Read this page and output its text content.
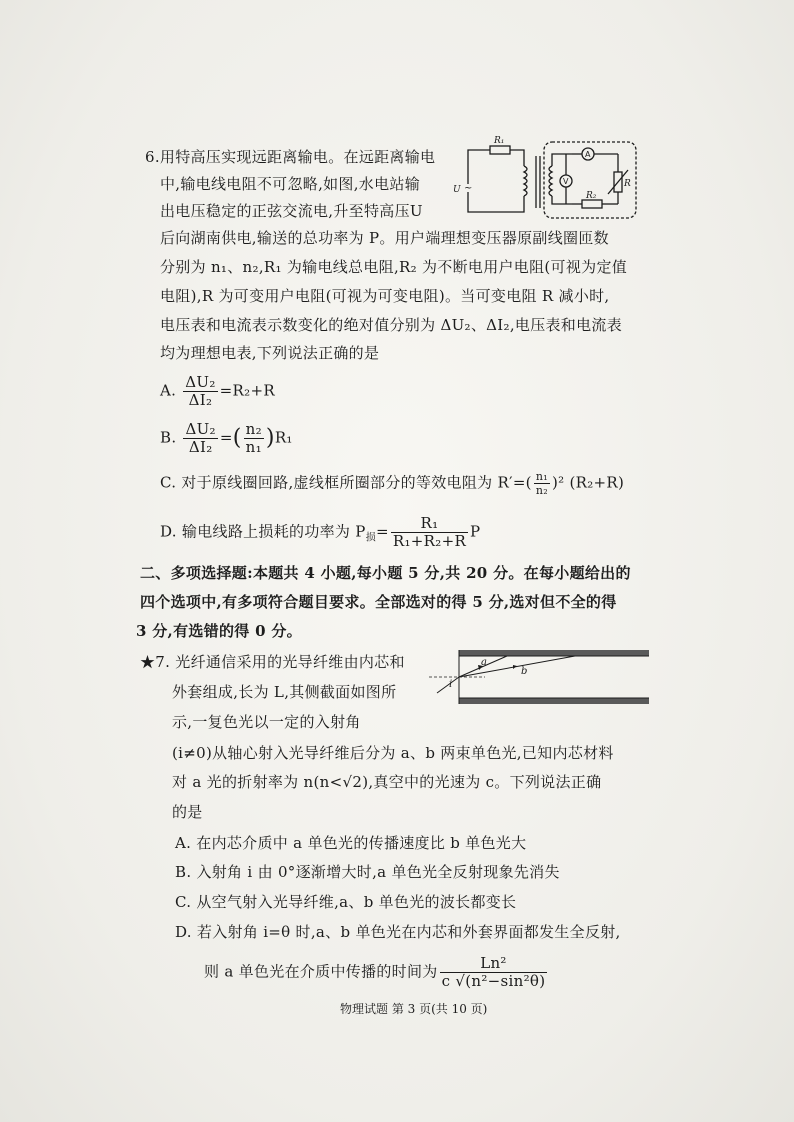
6.用特高压实现远距离输电。在远距离输电
中,输电线电阻不可忽略,如图,水电站输
出电压稳定的正弦交流电,升至特高压U
后向湖南供电,输送的总功率为 P。用户端理想变压器原副线圈匝数
分别为 n₁、n₂,R₁ 为输电线总电阻,R₂ 为不断电用户电阻(可视为定值
电阻),R 为可变用户电阻(可视为可变电阻)。当可变电阻 R 减小时,
电压表和电流表示数变化的绝对值分别为 ΔU₂、ΔI₂,电压表和电流表
均为理想电表,下列说法正确的是
R₁
U
R
R₂
A
V
~
A. $\frac{\text{ΔU₂}}{\text{ΔI₂}} =R_2+R$
B. $\frac{\text{ΔU₂}}{\text{ΔI₂}}$ =( $\frac{\text{n₂}}{\text{n₁}} )R_1$
C. 对于原线圈回路,虚线框所圈部分的等效电阻为 $R'=( \frac{\text{n₁}}{\text{n₂}} )^2$ (R₂+R)
D. 输电线路上损耗的功率为 $P_损= \frac{\text{R₁}}{\text{R₁+R₂+R}}$ P
二、多项选择题:本题共 4 小题,每小题 5 分,共 20 分。在每小题给出的
四个选项中,有多项符合题目要求。全部选对的得 5 分,选对但不全的得
3 分,有选错的得 0 分。
★7. 光纤通信采用的光导纤维由内芯和
外套组成,长为 L,其侧截面如图所
示,一复色光以一定的入射角
a
b
i
(i≠0)从轴心射入光导纤维后分为 a、b 两束单色光,已知内芯材料
对 a 光的折射率为 n(n<√2),真空中的光速为 c。下列说法正确
的是
A. 在内芯介质中 a 单色光的传播速度比 b 单色光大
B. 入射角 i 由 0°逐渐增大时,a 单色光全反射现象先消失
C. 从空气射入光导纤维,a、b 单色光的波长都变长
D. 若入射角 i=θ 时,a、b 单色光在内芯和外套界面都发生全反射,
则 a 单色光在介质中传播的时间为 $\frac{\text{Ln²}}{\text{c √(n²−sin²θ)}}$
物理试题 第 3 页(共 10 页)
